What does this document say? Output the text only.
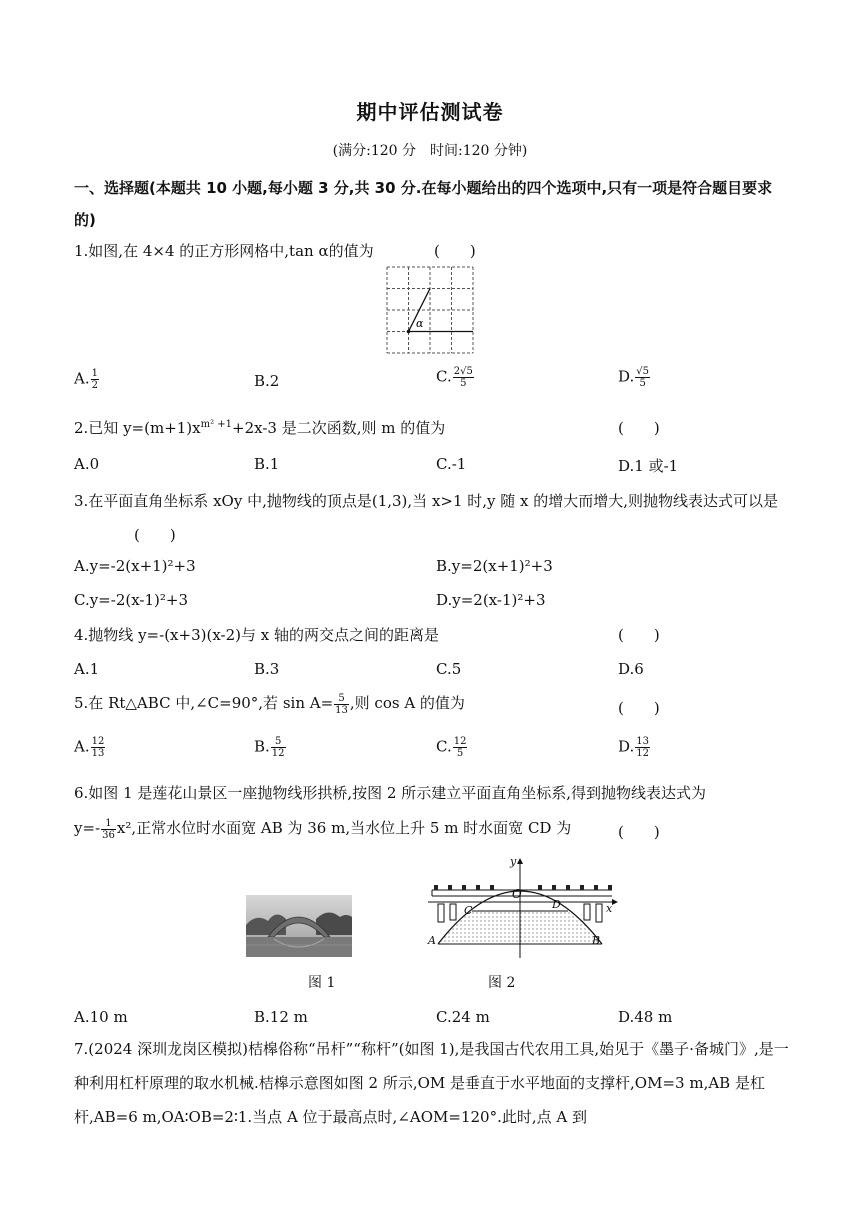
期中评估测试卷
(满分:120 分　时间:120 分钟)
一、选择题(本题共 10 小题,每小题 3 分,共 30 分.在每小题给出的四个选项中,只有一项是符合题目要求的)
1.如图,在 4×4 的正方形网格中,tan α的值为	(　　)
α
A. $\frac{1}{2}$	B.2	C. $\frac{2√5}{5}$	D. $\frac{√5}{5}$
2.已知 $y=(m+1)x^{m^2 +1}+2x-3$ 是二次函数,则 m 的值为	(　　)
A.0	B.1	C.-1	D.1 或-1
3.在平面直角坐标系 xOy 中,抛物线的顶点是(1,3),当 x>1 时,y 随 x 的增大而增大,则抛物线表达式可以是(　　)
A.y=-2(x+1)²+3	B.y=2(x+1)²+3
C.y=-2(x-1)²+3	D.y=2(x-1)²+3
4.抛物线 y=-(x+3)(x-2)与 x 轴的两交点之间的距离是	(　　)
A.1	B.3	C.5	D.6
5.在 Rt△ABC 中,∠C=90°,若 $\sin A= \frac{5}{13}$ ,则 cos A 的值为	(　　)
A. $\frac{12}{13}$	B. $\frac{5}{12}$	C. $\frac{12}{5}$	D. $\frac{13}{12}$
6.如图 1 是莲花山景区一座抛物线形拱桥,按图 2 所示建立平面直角坐标系,得到抛物线表达式为
$y=- \frac{1}{36} x^2$,正常水位时水面宽 AB 为 36 m,当水位上升 5 m 时水面宽 CD 为	(　　)
图 1
y
x
O
C	D
A	B
图 2
A.10 m	B.12 m	C.24 m	D.48 m
7.(2024 深圳龙岗区模拟)桔槔俗称“吊杆”“称杆”(如图 1),是我国古代农用工具,始见于《墨子·备城门》,是一种利用杠杆原理的取水机械.桔槔示意图如图 2 所示,OM 是垂直于水平地面的支撑杆,OM=3 m,AB 是杠杆,AB=6 m,OA∶OB=2∶1.当点 A 位于最高点时,∠AOM=120°.此时,点 A 到
